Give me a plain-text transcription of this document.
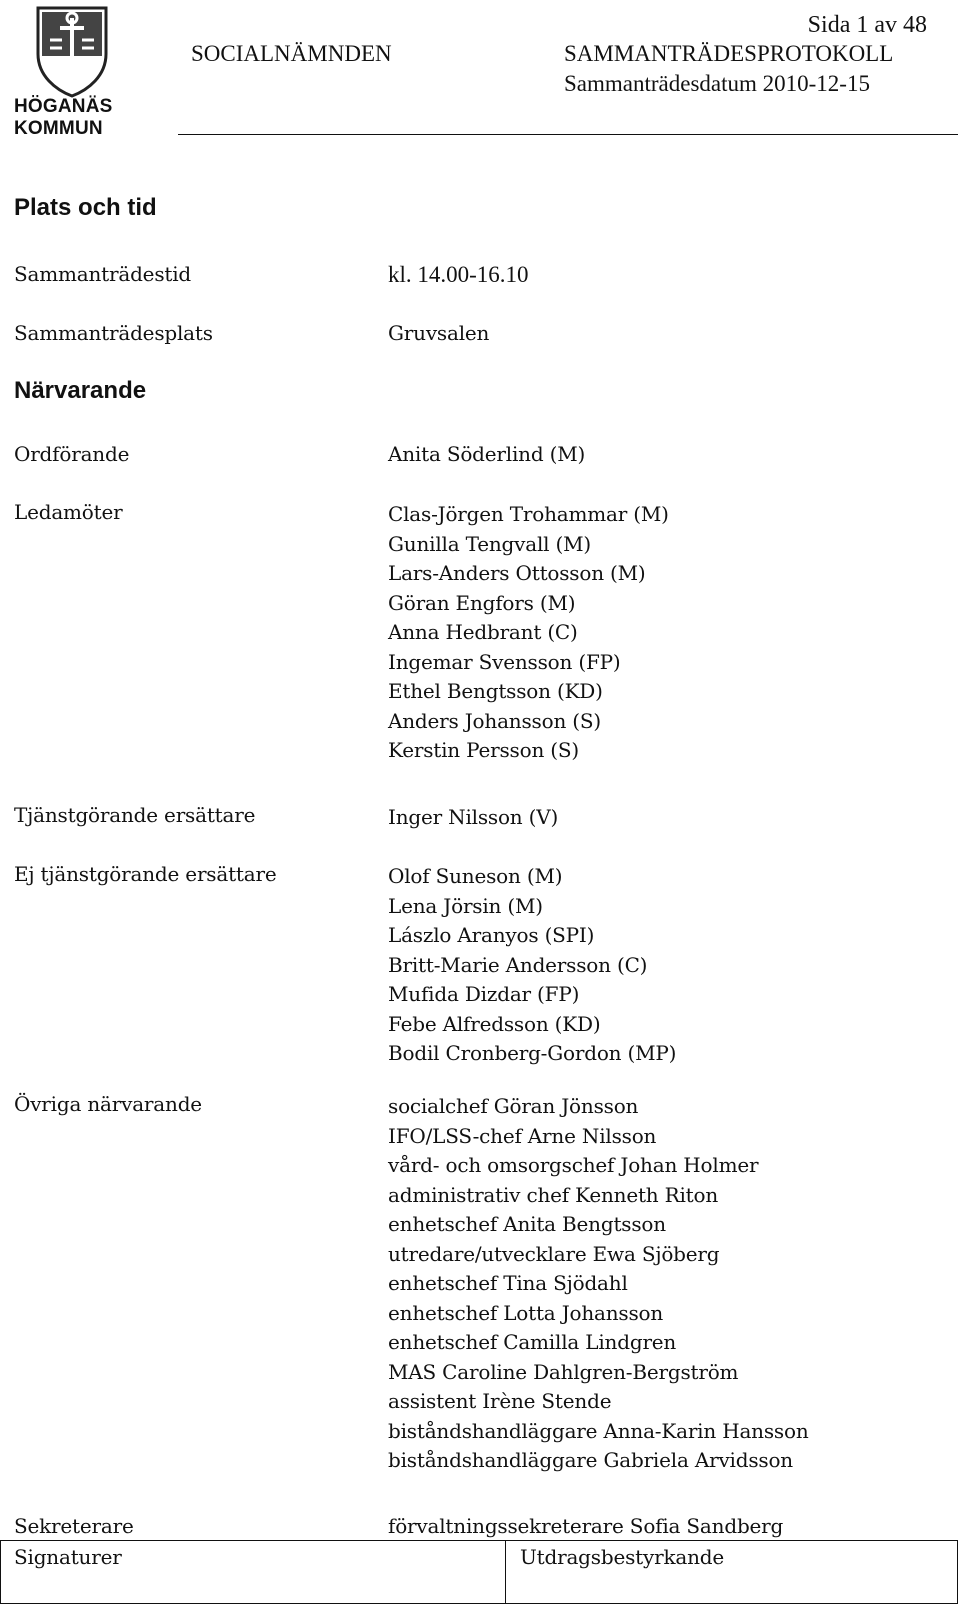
HÖGANÄS
KOMMUN
Sida 1 av 48
SOCIALNÄMNDEN	SAMMANTRÄDESPROTOKOLL
Sammanträdesdatum 2010-12-15
Plats och tid
Sammanträdestid	kl. 14.00-16.10
Sammanträdesplats	Gruvsalen
Närvarande
Ordförande	Anita Söderlind (M)
Ledamöter	Clas-Jörgen Trohammar (M)
Gunilla Tengvall (M)
Lars-Anders Ottosson (M)
Göran Engfors (M)
Anna Hedbrant (C)
Ingemar Svensson (FP)
Ethel Bengtsson (KD)
Anders Johansson (S)
Kerstin Persson (S)
Tjänstgörande ersättare	Inger Nilsson (V)
Ej tjänstgörande ersättare	Olof Suneson (M)
Lena Jörsin (M)
Lászlo Aranyos (SPI)
Britt-Marie Andersson (C)
Mufida Dizdar (FP)
Febe Alfredsson (KD)
Bodil Cronberg-Gordon (MP)
Övriga närvarande	socialchef Göran Jönsson
IFO/LSS-chef Arne Nilsson
vård- och omsorgschef Johan Holmer
administrativ chef Kenneth Riton
enhetschef Anita Bengtsson
utredare/utvecklare Ewa Sjöberg
enhetschef Tina Sjödahl
enhetschef Lotta Johansson
enhetschef Camilla Lindgren
MAS Caroline Dahlgren-Bergström
assistent Irène Stende
biståndshandläggare Anna-Karin Hansson
biståndshandläggare Gabriela Arvidsson
Sekreterare	förvaltningssekreterare Sofia Sandberg
Signaturer	Utdragsbestyrkande
